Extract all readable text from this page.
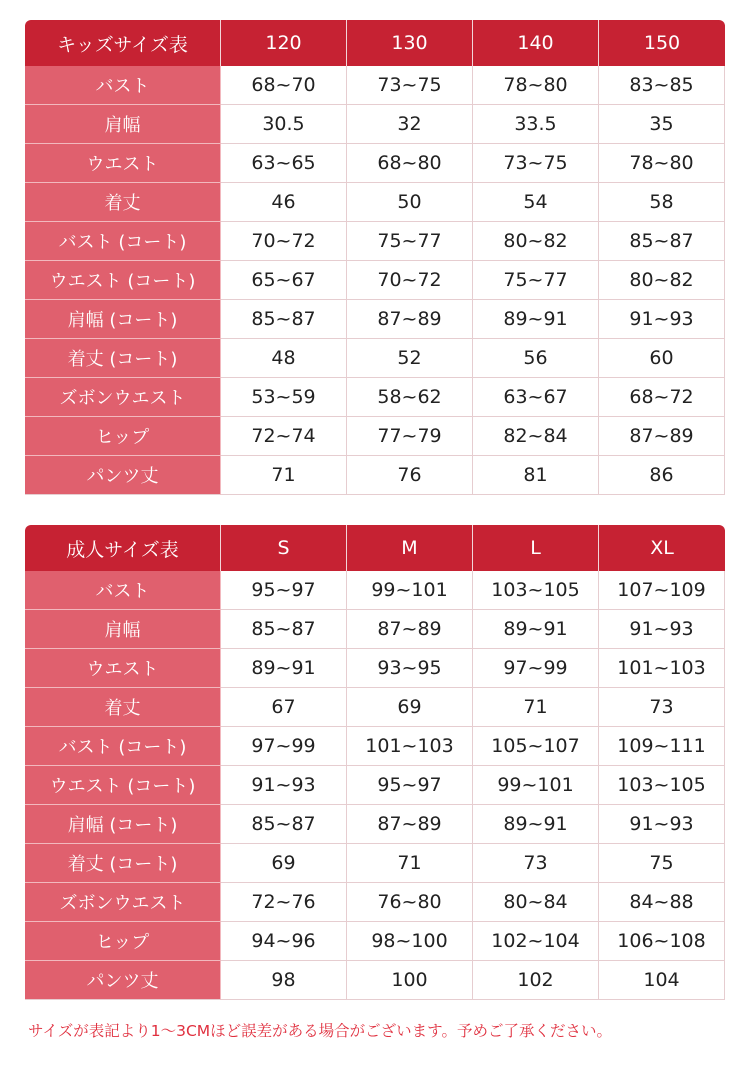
キッズサイズ表	120	130	140	150
バスト	68~70	73~75	78~80	83~85
肩幅	30.5	32	33.5	35
ウエスト	63~65	68~80	73~75	78~80
着丈	46	50	54	58
バスト (コート)	70~72	75~77	80~82	85~87
ウエスト (コート)	65~67	70~72	75~77	80~82
肩幅 (コート)	85~87	87~89	89~91	91~93
着丈 (コート)	48	52	56	60
ズボンウエスト	53~59	58~62	63~67	68~72
ヒップ	72~74	77~79	82~84	87~89
パンツ丈	71	76	81	86
成人サイズ表	S	M	L	XL
バスト	95~97	99~101	103~105	107~109
肩幅	85~87	87~89	89~91	91~93
ウエスト	89~91	93~95	97~99	101~103
着丈	67	69	71	73
バスト (コート)	97~99	101~103	105~107	109~111
ウエスト (コート)	91~93	95~97	99~101	103~105
肩幅 (コート)	85~87	87~89	89~91	91~93
着丈 (コート)	69	71	73	75
ズボンウエスト	72~76	76~80	80~84	84~88
ヒップ	94~96	98~100	102~104	106~108
パンツ丈	98	100	102	104
サイズが表記より1～3CMほど誤差がある場合がございます。予めご了承ください。
